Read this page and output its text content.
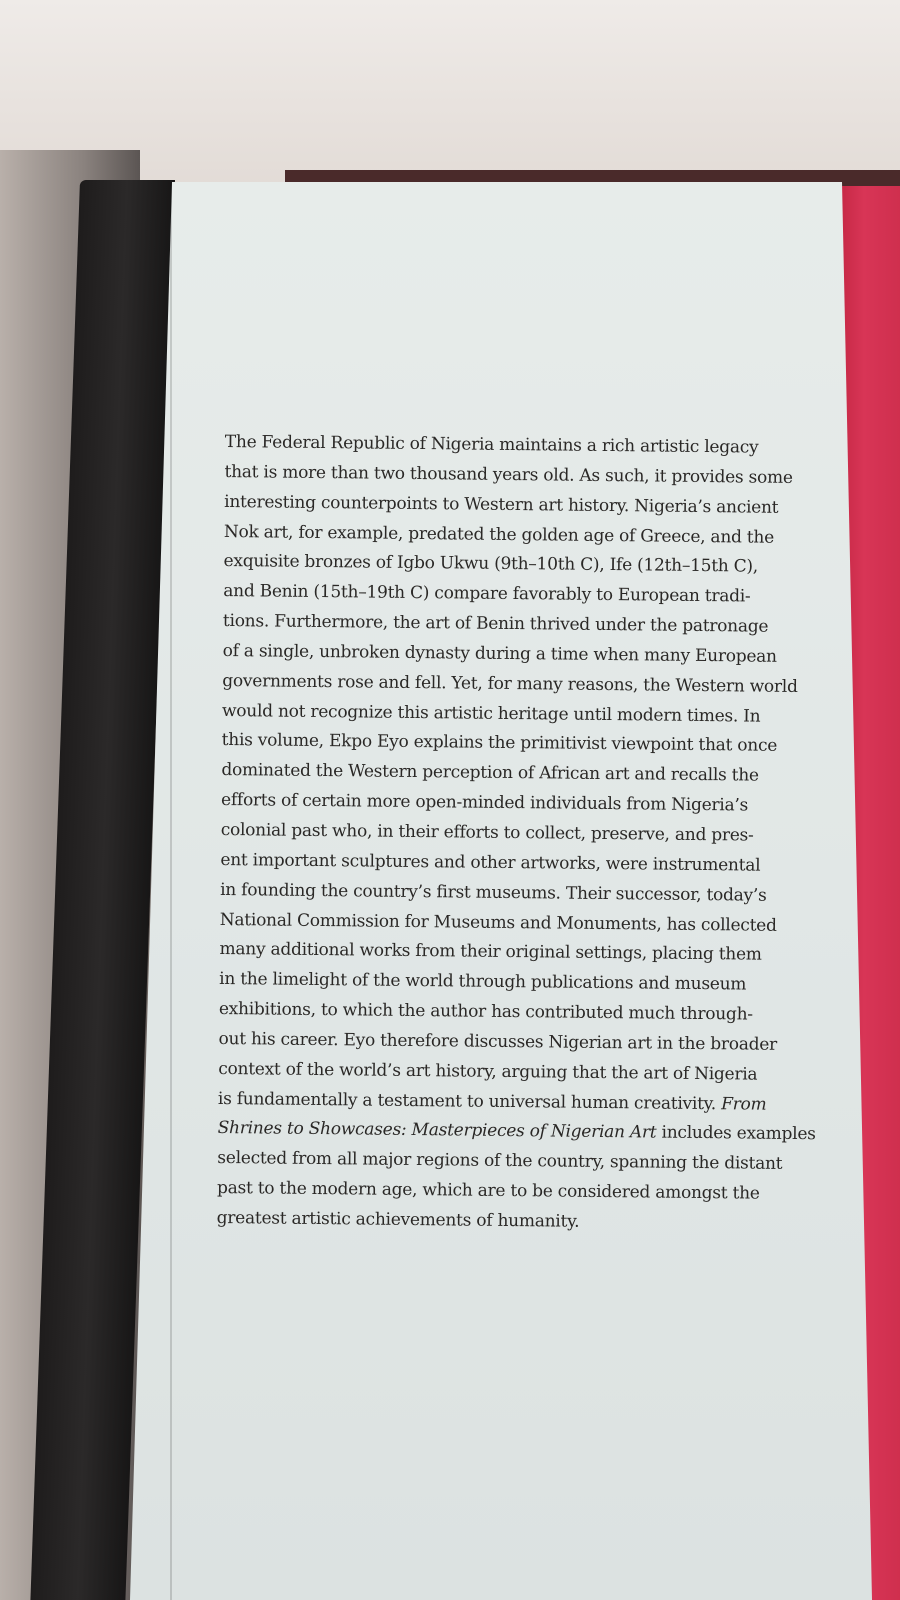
The Federal Republic of Nigeria maintains a rich artistic legacy
that is more than two thousand years old. As such, it provides some
interesting counterpoints to Western art history. Nigeria’s ancient
Nok art, for example, predated the golden age of Greece, and the
exquisite bronzes of Igbo Ukwu (9th–10th C), Ife (12th–15th C),
and Benin (15th–19th C) compare favorably to European tradi-
tions. Furthermore, the art of Benin thrived under the patronage
of a single, unbroken dynasty during a time when many European
governments rose and fell. Yet, for many reasons, the Western world
would not recognize this artistic heritage until modern times. In
this volume, Ekpo Eyo explains the primitivist viewpoint that once
dominated the Western perception of African art and recalls the
efforts of certain more open-minded individuals from Nigeria’s
colonial past who, in their efforts to collect, preserve, and pres-
ent important sculptures and other artworks, were instrumental
in founding the country’s first museums. Their successor, today’s
National Commission for Museums and Monuments, has collected
many additional works from their original settings, placing them
in the limelight of the world through publications and museum
exhibitions, to which the author has contributed much through-
out his career. Eyo therefore discusses Nigerian art in the broader
context of the world’s art history, arguing that the art of Nigeria
is fundamentally a testament to universal human creativity. From
Shrines to Showcases: Masterpieces of Nigerian Art includes examples
selected from all major regions of the country, spanning the distant
past to the modern age, which are to be considered amongst the
greatest artistic achievements of humanity.
